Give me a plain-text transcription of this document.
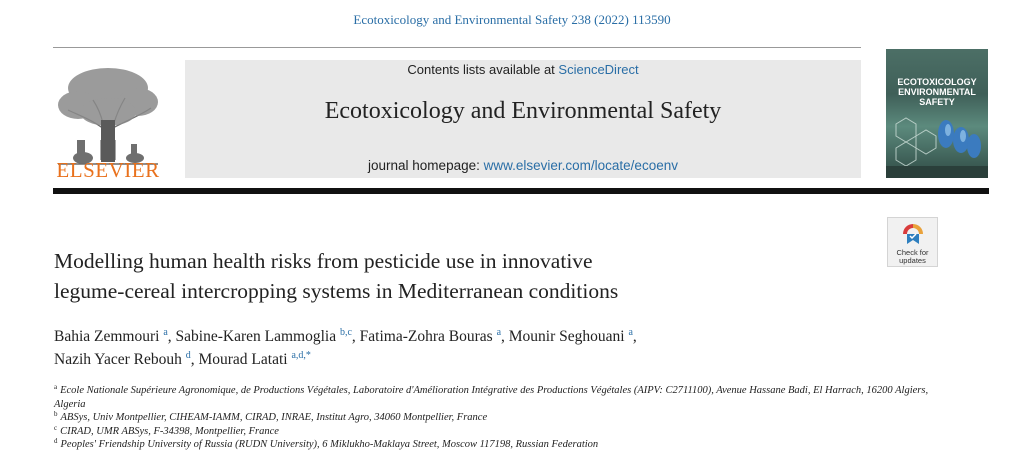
Ecotoxicology and Environmental Safety 238 (2022) 113590
ELSEVIER
Contents lists available at ScienceDirect
Ecotoxicology and Environmental Safety
journal homepage: www.elsevier.com/locate/ecoenv
ECOTOXICOLOGY
ENVIRONMENTAL
SAFETY
Check for
updates
Modelling human health risks from pesticide use in innovative
legume-cereal intercropping systems in Mediterranean conditions
Bahia Zemmouri $^a$, Sabine-Karen Lammoglia $^{b,c}$, Fatima-Zohra Bouras $^a$, Mounir Seghouani $^a$,
Nazih Yacer Rebouh $^d$, Mourad Latati $^{a,d,*}$
$^a$ Ecole Nationale Supérieure Agronomique, de Productions Végétales, Laboratoire d'Amélioration Intégrative des Productions Végétales (AIPV: C2711100), Avenue Hassane Badi, El Harrach, 16200 Algiers, Algeria
$^b$ ABSys, Univ Montpellier, CIHEAM-IAMM, CIRAD, INRAE, Institut Agro, 34060 Montpellier, France
$^c$ CIRAD, UMR ABSys, F-34398, Montpellier, France
$^d$ Peoples' Friendship University of Russia (RUDN University), 6 Miklukho-Maklaya Street, Moscow 117198, Russian Federation
